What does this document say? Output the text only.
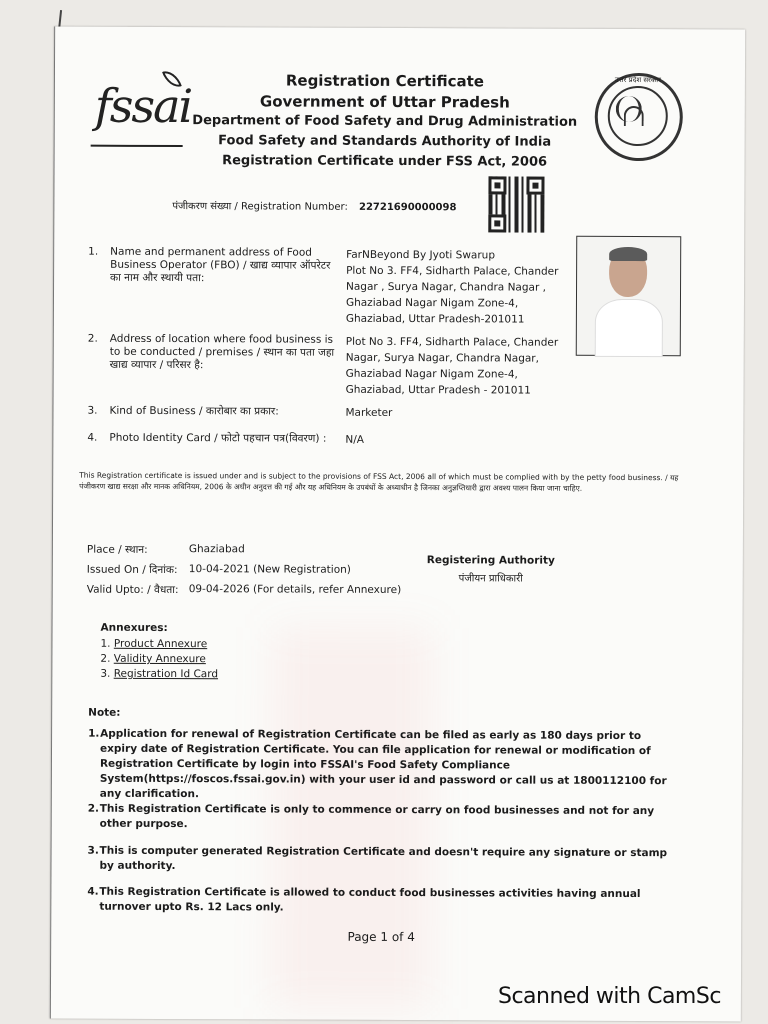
fssai	उत्तर प्रदेश सरकार
Registration Certificate
Government of Uttar Pradesh
Department of Food Safety and Drug Administration
Food Safety and Standards Authority of India
Registration Certificate under FSS Act, 2006
पंजीकरण संख्या / Registration Number: 22721690000098
1. Name and permanent address of Food Business Operator (FBO) / खाद्य व्यापार ऑपरेटर का नाम और स्थायी पता:
FarNBeyond By Jyoti Swarup
Plot No 3. FF4, Sidharth Palace, Chander
Nagar , Surya Nagar, Chandra Nagar ,
Ghaziabad Nagar Nigam Zone-4,
Ghaziabad, Uttar Pradesh-201011
2. Address of location where food business is to be conducted / premises / स्थान का पता जहा खाद्य व्यापार / परिसर है:
Plot No 3. FF4, Sidharth Palace, Chander
Nagar, Surya Nagar, Chandra Nagar,
Ghaziabad Nagar Nigam Zone-4,
Ghaziabad, Uttar Pradesh - 201011
3. Kind of Business / कारोबार का प्रकार:	Marketer
4. Photo Identity Card / फोटो पहचान पत्र(विवरण) :	N/A
This Registration certificate is issued under and is subject to the provisions of FSS Act, 2006 all of which must be complied with by the petty food business. / यह पंजीकरण खाद्य सरक्षा और मानक अधिनियम, 2006 के अधीन अनुदत्त की गई और यह अधिनियम के उपबंधों के अध्याधीन है जिनका अनुज्ञप्तिधारी द्वारा अवश्य पालन किया जाना चाहिए.
Place / स्थान:	Ghaziabad
Issued On / दिनांक: 10-04-2021 (New Registration)
Valid Upto: / वैधता: 09-04-2026 (For details, refer Annexure)
Registering Authority
पंजीयन प्राधिकारी
Annexures:
1. Product Annexure
2. Validity Annexure
3. Registration Id Card
Note:
1. Application for renewal of Registration Certificate can be filed as early as 180 days prior to expiry date of Registration Certificate. You can file application for renewal or modification of Registration Certificate by login into FSSAI's Food Safety Compliance System(https://foscos.fssai.gov.in) with your user id and password or call us at 1800112100 for any clarification.
2. This Registration Certificate is only to commence or carry on food businesses and not for any other purpose.
3. This is computer generated Registration Certificate and doesn't require any signature or stamp by authority.
4. This Registration Certificate is allowed to conduct food businesses activities having annual turnover upto Rs. 12 Lacs only.
Page 1 of 4
Scanned with CamSc
